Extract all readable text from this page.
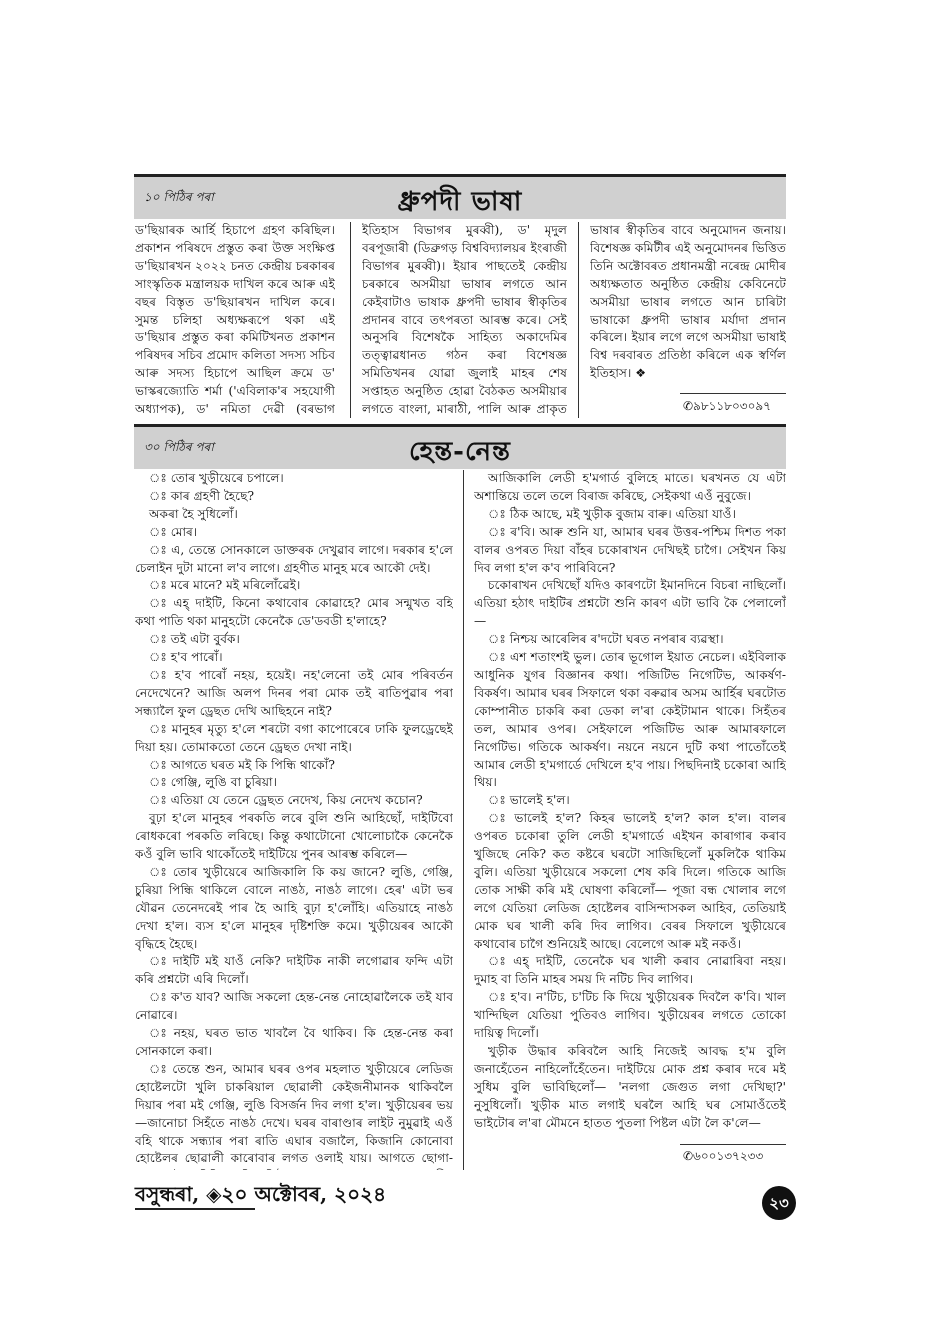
১০ পিঠিৰ পৰা	ধ্ৰুপদী ভাষা

ড'ছিয়াৰক আৰ্হি হিচাপে গ্ৰহণ কৰিছিল। প্ৰকাশন পৰিষদে প্ৰস্তুত কৰা উক্ত সংক্ষিপ্ত ড'ছিয়াৰখন ২০২২ চনত কেন্দ্ৰীয় চৰকাৰৰ সাংস্কৃতিক মন্ত্ৰালয়ক দাখিল কৰে আৰু এই বছৰ বিস্তৃত ড'ছিয়াৰখন দাখিল কৰে। সুমন্ত চলিহা অধ্যক্ষৰূপে থকা এই ড'ছিয়াৰ প্ৰস্তুত কৰা কমিটিখনত প্ৰকাশন পৰিষদৰ সচিব প্ৰমোদ কলিতা সদস্য সচিব আৰু সদস্য হিচাপে আছিল ক্ৰমে ড' ভাস্কৰজ্যোতি শৰ্মা ('এবিলাক'ৰ সহযোগী অধ্যাপক), ড' নমিতা দেৱী (বৰভাগ

ইতিহাস বিভাগৰ মুৰব্বী), ড' মৃদুল বৰপূজাৰী (ডিব্ৰুগড় বিশ্ববিদ্যালয়ৰ ইংৰাজী বিভাগৰ মুৰব্বী)। ইয়াৰ পাছতেই কেন্দ্ৰীয় চৰকাৰে অসমীয়া ভাষাৰ লগতে আন কেইবাটাও ভাষাক ধ্ৰুপদী ভাষাৰ স্বীকৃতিৰ প্ৰদানৰ বাবে তৎপৰতা আৰম্ভ কৰে। সেই অনুসৰি বিশেষকৈ সাহিত্য অকাদেমিৰ তত্ত্বাৱধানত গঠন কৰা বিশেষজ্ঞ সমিতিখনৰ যোৱা জুলাই মাহৰ শেষ সপ্তাহত অনুষ্ঠিত হোৱা বৈঠকত অসমীয়াৰ লগতে বাংলা, মাৰাঠী, পালি আৰু প্ৰাকৃত

ভাষাৰ স্বীকৃতিৰ বাবে অনুমোদন জনায়। বিশেষজ্ঞ কমিটীৰ এই অনুমোদনৰ ভিত্তিত তিনি অক্টোবৰত প্ৰধানমন্ত্ৰী নৰেন্দ্ৰ মোদীৰ অধ্যক্ষতাত অনুষ্ঠিত কেন্দ্ৰীয় কেবিনেটে অসমীয়া ভাষাৰ লগতে আন চাৰিটা ভাষাকো ধ্ৰুপদী ভাষাৰ মৰ্যাদা প্ৰদান কৰিলে। ইয়াৰ লগে লগে অসমীয়া ভাষাই বিশ্ব দৰবাৰত প্ৰতিষ্ঠা কৰিলে এক স্বৰ্ণিল ইতিহাস। ❖

✆৯৮১১৮০৩০৯৭
৩০ পিঠিৰ পৰা	হেন্ত-নেন্ত

ঃ তোৰ খুড়ীয়েৰে চপালে।

ঃ কাৰ গ্ৰহণী হৈছে?

অকৰা হৈ সুধিলোঁ।

ঃ মোৰ।

ঃ এ, তেন্তে সোনকালে ডাক্তৰক দেখুৱাব লাগে। দৰকাৰ হ'লে চেলাইন দুটা মানো ল'ব লাগে। গ্ৰহণীত মানুহ মৰে আকৌ দেই।

ঃ মৰে মানে? মই মৰিলোঁৱেই।

ঃ এহ্ দাইটি, কিনো কথাবোৰ কোৱাহে? মোৰ সন্মুখত বহি কথা পাতি থকা মানুহটো কেনেকৈ ডে'ডবডী হ'লাহে?

ঃ তই এটা বুৰ্বক।

ঃ হ'ব পাৰোঁ।

ঃ হ'ব পাৰোঁ নহয়, হয়েই। নহ'লেনো তই মোৰ পৰিবৰ্তন নেদেখেনে? আজি অলপ দিনৰ পৰা মোক তই ৰাতিপুৱাৰ পৰা সন্ধ্যালৈ ফুল ড্ৰেছত দেখি আছিহনে নাই?

ঃ মানুহৰ মৃত্যু হ'লে শৰটো বগা কাপোৰেৰে ঢাকি ফুলড্ৰেছেই দিয়া হয়। তোমাকতো তেনে ড্ৰেছত দেখা নাই।

ঃ আগতে ঘৰত মই কি পিন্ধি থাকোঁ?

ঃ গেঞ্জি, লুঙি বা চুৰিয়া।

ঃ এতিয়া যে তেনে ড্ৰেছত নেদেখ, কিয় নেদেখ কচোন?

বুঢ়া হ'লে মানুহৰ পৰকতি লৰে বুলি শুনি আহিছোঁ, দাইটিবো ৰোধকৰো পৰকতি লৰিছে। কিন্তু কথাটোনো খোলোচাকৈ কেনেকৈ কওঁ বুলি ভাবি থাকোঁতেই দাইটিয়ে পুনৰ আৰম্ভ কৰিলে—

ঃ তোৰ খুড়ীয়েৰে আজিকালি কি কয় জানে? লুঙি, গেঞ্জি, চুৰিয়া পিন্ধি থাকিলে বোলে নাঙঠ, নাঙঠ লাগে। হেৰ' এটা ভৰ যৌৱন তেনেদৰেই পাৰ হৈ আহি বুঢ়া হ'লোঁহি। এতিয়াহে নাঙঠ দেখা হ'ল। ব্যস হ'লে মানুহৰ দৃষ্টিশক্তি কমে। খুড়ীয়েৰৰ আকৌ বৃদ্ধিহে হৈছে।

ঃ দাইটি মই যাওঁ নেকি? দাইটিক নাকী লগোৱাৰ ফন্দি এটা কৰি প্ৰশ্নটো এৰি দিলোঁ।

ঃ ক'ত যাব? আজি সকলো হেন্ত-নেন্ত নোহোৱালৈকে তই যাব নোৱাৰে।

ঃ নহয়, ঘৰত ভাত খাবলৈ বৈ থাকিব। কি হেন্ত-নেন্ত কৰা সোনকালে কৰা।

ঃ তেন্তে শুন, আমাৰ ঘৰৰ ওপৰ মহলাত খুড়ীয়েৰে লেডিজ হোষ্টেলটো খুলি চাকৰিয়াল ছোৱালী কেইজনীমানক থাকিবলৈ দিয়াৰ পৰা মই গেঞ্জি, লুঙি বিসৰ্জন দিব লগা হ'ল। খুড়ীয়েৰৰ ভয়—জানোচা সিহঁতে নাঙঠ দেখে। ঘৰৰ বাৰাণ্ডাৰ লাইট নুমুৱাই এওঁ বহি থাকে সন্ধ্যাৰ পৰা ৰাতি এঘাৰ বজালৈ, কিজানি কোনোবা হোষ্টেলৰ ছোৱালী কাৰোবাৰ লগত ওলাই যায়। আগতে ছোগা-

আজিকালি লেডী হ'মগাৰ্ড বুলিহে মাতে। ঘৰখনত যে এটা অশান্তিয়ে তলে তলে বিৰাজ কৰিছে, সেইকথা এওঁ নুবুজে।

ঃ ঠিক আছে, মই খুড়ীক বুজাম বাৰু। এতিয়া যাওঁ।

ঃ ৰ'বি। আৰু শুনি যা, আমাৰ ঘৰৰ উত্তৰ-পশ্চিম দিশত পকা বালৰ ওপৰত দিয়া বাঁহৰ চকোৰাখন দেখিছই চাগৈ। সেইখন কিয় দিব লগা হ'ল ক'ব পাৰিবিনে?

চকোৰাখন দেখিছোঁ যদিও কাৰণটো ইমানদিনে বিচৰা নাছিলোঁ। এতিয়া হঠাৎ দাইটিৰ প্ৰশ্নটো শুনি কাৰণ এটা ভাবি কৈ পেলালোঁ—

ঃ নিশ্চয় আৰেলিৰ ৰ'দটো ঘৰত নপৰাৰ ব্যৱস্থা।

ঃ এশ শতাংশই ভুল। তোৰ ভূগোল ইয়াত নেচেল। এইবিলাক আধুনিক যুগৰ বিজ্ঞানৰ কথা। পজিটিভ নিগেটিভ, আকৰ্ষণ-বিকৰ্ষণ। আমাৰ ঘৰৰ সিফালে থকা বৰুৱাৰ অসম আৰ্হিৰ ঘৰটোত কোম্পানীত চাকৰি কৰা ডেকা ল'ৰা কেইটামান থাকে। সিহঁতৰ তল, আমাৰ ওপৰ। সেইফালে পজিটিভ আৰু আমাৰফালে নিগেটিভ। গতিকে আকৰ্ষণ। নয়নে নয়নে দুটি কথা পাতোঁতেই আমাৰ লেডী হ'মগাৰ্ডে দেখিলে হ'ব পায়। পিছদিনাই চকোৰা আহি থিয়।

ঃ ভালেই হ'ল।

ঃ ভালেই হ'ল? কিহৰ ভালেই হ'ল? কাল হ'ল। বালৰ ওপৰত চকোৰা তুলি লেডী হ'মগাৰ্ডে এইখন কাৰাগাৰ কৰাব খুজিছে নেকি? কত কষ্টৰে ঘৰটো সাজিছিলোঁ মুকলিকৈ থাকিম বুলি। এতিয়া খুড়ীয়েৰে সকলো শেষ কৰি দিলে। গতিকে আজি তোক সাক্ষী কৰি মই ঘোষণা কৰিলোঁ— পূজা বন্ধ খোলাৰ লগে লগে যেতিয়া লেডিজ হোষ্টেলৰ বাসিন্দাসকল আহিব, তেতিয়াই মোক ঘৰ খালী কৰি দিব লাগিব। বেৰৰ সিফালে খুড়ীয়েৰে কথাবোৰ চাগৈ শুনিয়েই আছে। বেলেগে আৰু মই নকওঁ।

ঃ এহ্ দাইটি, তেনেকৈ ঘৰ খালী কৰাব নোৱাৰিবা নহয়। দুমাহ বা তিনি মাহৰ সময় দি নটিচ দিব লাগিব।

ঃ হ'ব। ন'টিচ, চ'টিচ কি দিয়ে খুড়ীয়েৰক দিবলৈ ক'বি। খাল খান্দিছিল যেতিয়া পুতিবও লাগিব। খুড়ীয়েৰৰ লগতে তোকো দায়িত্ব দিলোঁ।

খুড়ীক উদ্ধাৰ কৰিবলৈ আহি নিজেই আবদ্ধ হ'ম বুলি জনাহেঁতেন নাহিলোঁহেঁতেন। দাইটিয়ে মোক প্ৰশ্ন কৰাৰ দৰে মই সুধিম বুলি ভাবিছিলোঁ— 'নলগা জেগুত লগা দেখিছা?' নুসুধিলোঁ। খুড়ীক মাত লগাই ঘৰলৈ আহি ঘৰ সোমাওঁতেই ভাইটোৰ ল'ৰা মৌমনে হাতত পুতলা পিষ্টল এটা লৈ ক'লে—

✆৬০০১৩৭২৩৩
বসুন্ধৰা, ◈২০ অক্টোবৰ, ২০২৪	২৩
